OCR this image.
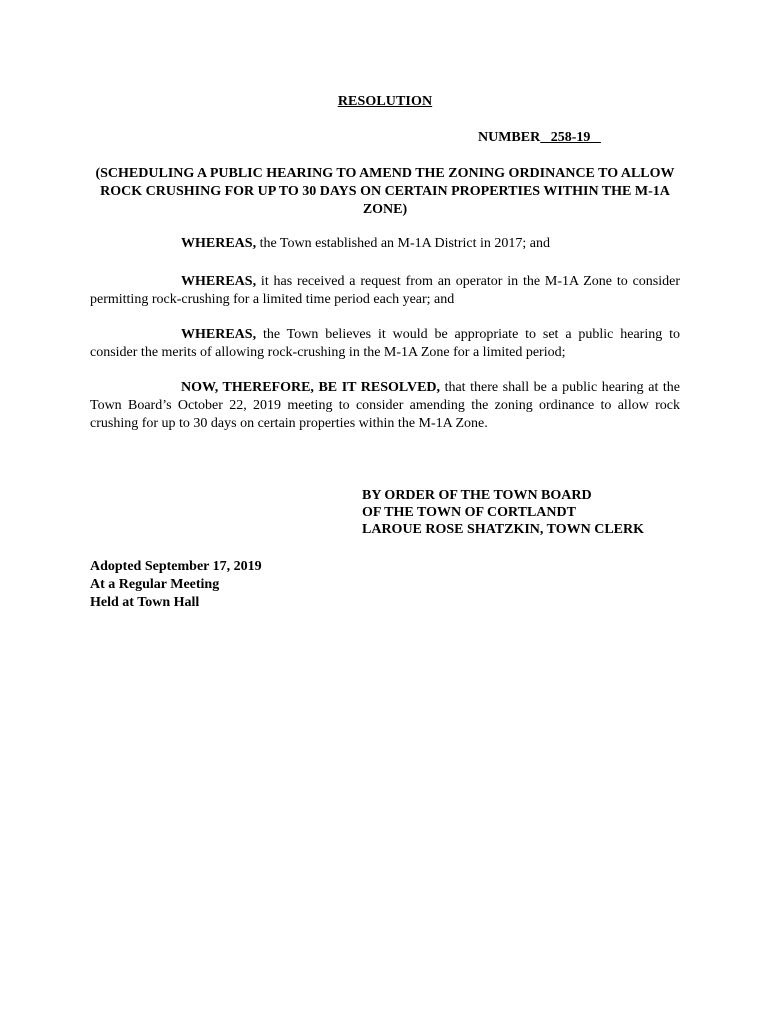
RESOLUTION
NUMBER   258-19
(SCHEDULING A PUBLIC HEARING TO AMEND THE ZONING ORDINANCE TO ALLOW ROCK CRUSHING FOR UP TO 30 DAYS ON CERTAIN PROPERTIES WITHIN THE M-1A ZONE)
WHEREAS, the Town established an M-1A District in 2017; and
WHEREAS, it has received a request from an operator in the M-1A Zone to consider permitting rock-crushing for a limited time period each year; and
WHEREAS, the Town believes it would be appropriate to set a public hearing to consider the merits of allowing rock-crushing in the M-1A Zone for a limited period;
NOW, THEREFORE, BE IT RESOLVED, that there shall be a public hearing at the Town Board’s October 22, 2019 meeting to consider amending the zoning ordinance to allow rock crushing for up to 30 days on certain properties within the M-1A Zone.
BY ORDER OF THE TOWN BOARD
OF THE TOWN OF CORTLANDT
LAROUE ROSE SHATZKIN, TOWN CLERK
Adopted September 17, 2019
At a Regular Meeting
Held at Town Hall
